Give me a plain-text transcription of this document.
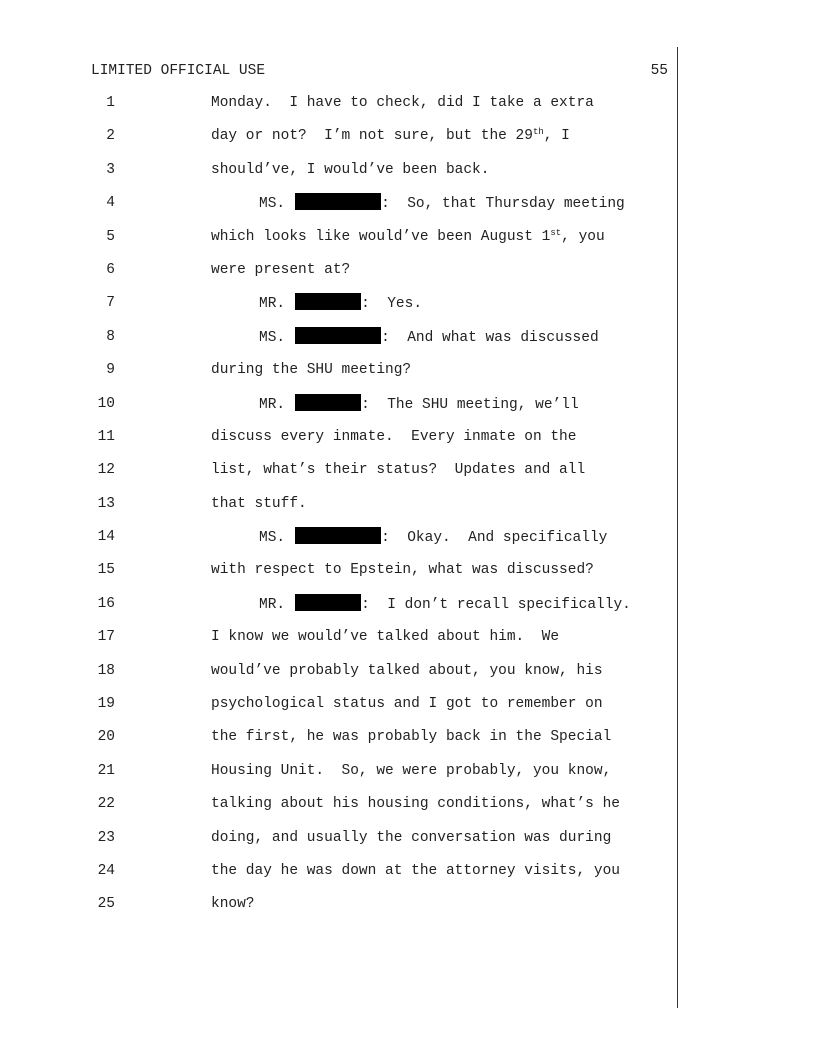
LIMITED OFFICIAL USE	55
1	Monday.  I have to check, did I take a extra
2	day or not?  I’m not sure, but the 29th, I
3	should’ve, I would’ve been back.
4	MS.	:  So, that Thursday meeting
5	which looks like would’ve been August 1st, you
6	were present at?
7	MR.	:  Yes.
8	MS.	:  And what was discussed
9	during the SHU meeting?
10	MR.	:  The SHU meeting, we’ll
11	discuss every inmate.  Every inmate on the
12	list, what’s their status?  Updates and all
13	that stuff.
14	MS.	:  Okay.  And specifically
15	with respect to Epstein, what was discussed?
16	MR.	:  I don’t recall specifically.
17	I know we would’ve talked about him.  We
18	would’ve probably talked about, you know, his
19	psychological status and I got to remember on
20	the first, he was probably back in the Special
21	Housing Unit.  So, we were probably, you know,
22	talking about his housing conditions, what’s he
23	doing, and usually the conversation was during
24	the day he was down at the attorney visits, you
25	know?
